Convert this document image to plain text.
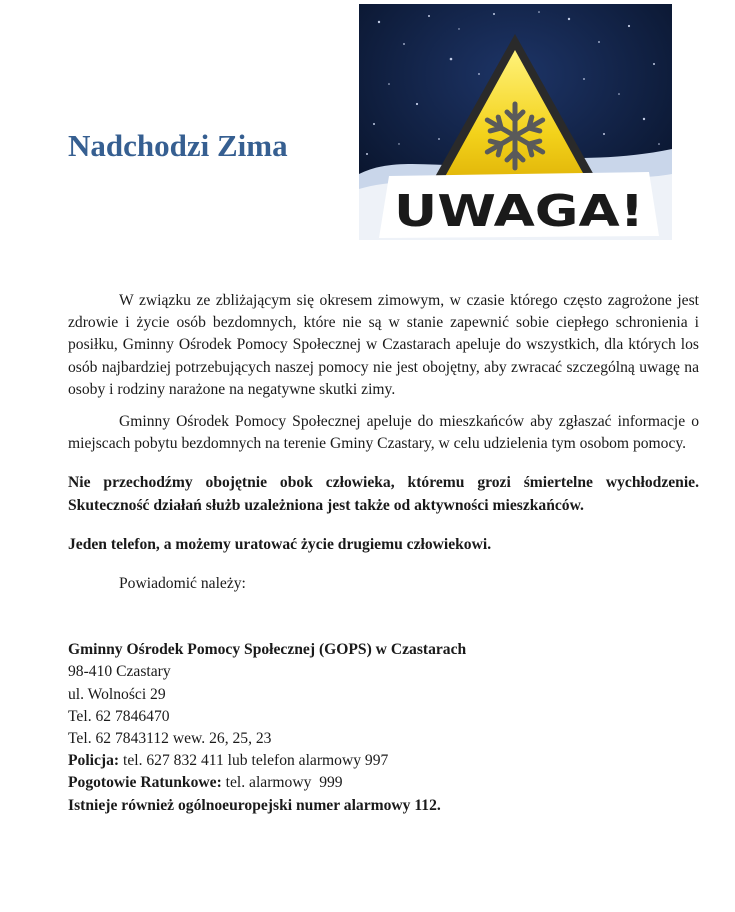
Nadchodzi Zima
UWAGA!

W związku ze zbliżającym się okresem zimowym, w czasie którego często zagrożone jest zdrowie i życie osób bezdomnych, które nie są w stanie zapewnić sobie ciepłego schronienia i posiłku, Gminny Ośrodek Pomocy Społecznej w Czastarach apeluje do wszystkich, dla których los osób najbardziej potrzebujących naszej pomocy nie jest obojętny, aby zwracać szczególną uwagę na osoby i rodziny narażone na negatywne skutki zimy.

Gminny Ośrodek Pomocy Społecznej apeluje do mieszkańców aby zgłaszać informacje o miejscach pobytu bezdomnych na terenie Gminy Czastary, w celu udzielenia tym osobom pomocy.

Nie przechodźmy obojętnie obok człowieka, któremu grozi śmiertelne wychłodzenie. Skuteczność działań służb uzależniona jest także od aktywności mieszkańców.

Jeden telefon, a możemy uratować życie drugiemu człowiekowi.

Powiadomić należy:

Gminny Ośrodek Pomocy Społecznej (GOPS) w Czastarach

98-410 Czastary

ul. Wolności 29

Tel. 62 7846470

Tel. 62 7843112 wew. 26, 25, 23

Policja: tel. 627 832 411 lub telefon alarmowy 997

Pogotowie Ratunkowe: tel. alarmowy  999

Istnieje również ogólnoeuropejski numer alarmowy 112.
